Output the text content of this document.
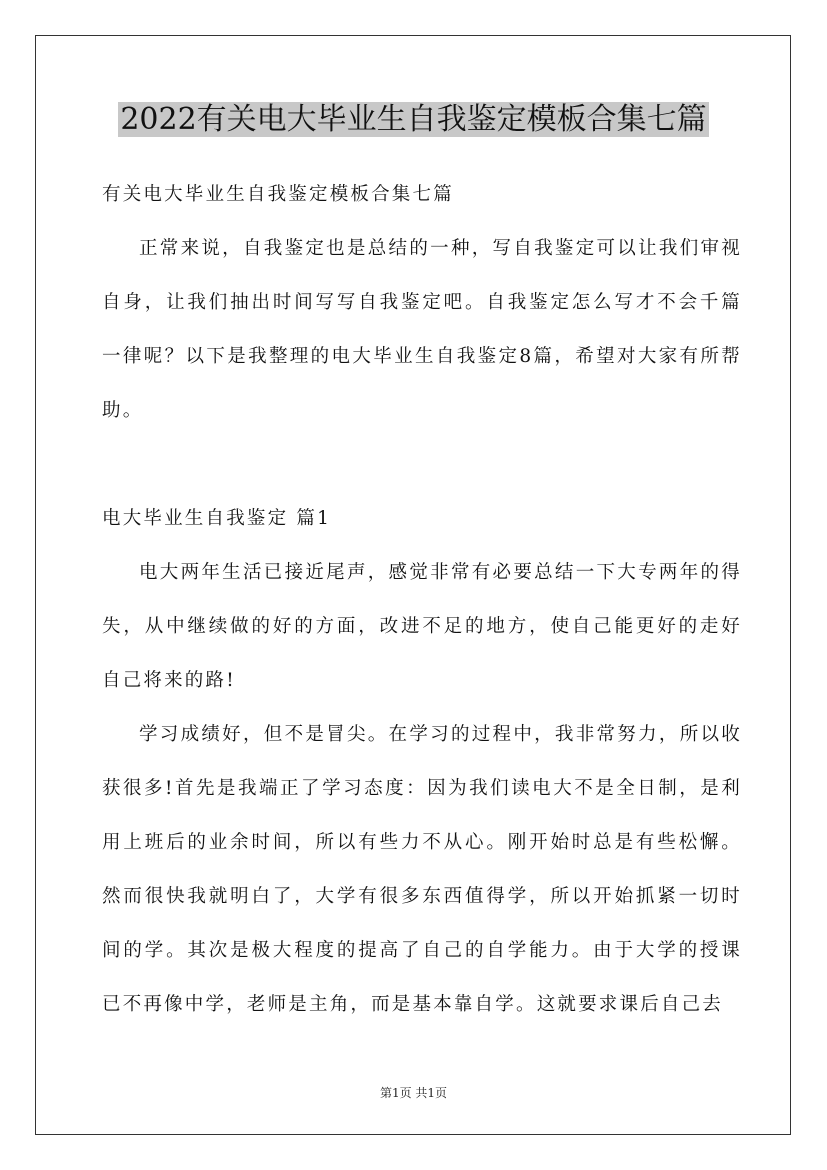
2022有关电大毕业生自我鉴定模板合集七篇

有关电大毕业生自我鉴定模板合集七篇

正常来说，自我鉴定也是总结的一种，写自我鉴定可以让我们审视自身，让我们抽出时间写写自我鉴定吧。自我鉴定怎么写才不会千篇一律呢？以下是我整理的电大毕业生自我鉴定8篇，希望对大家有所帮助。

电大毕业生自我鉴定 篇1

电大两年生活已接近尾声，感觉非常有必要总结一下大专两年的得失，从中继续做的好的方面，改进不足的地方，使自己能更好的走好自己将来的路!

学习成绩好，但不是冒尖。在学习的过程中，我非常努力，所以收获很多!首先是我端正了学习态度：因为我们读电大不是全日制，是利用上班后的业余时间，所以有些力不从心。刚开始时总是有些松懈。然而很快我就明白了，大学有很多东西值得学，所以开始抓紧一切时间的学。其次是极大程度的提高了自己的自学能力。由于大学的授课已不再像中学，老师是主角，而是基本靠自学。这就要求课后自己去

第1页 共1页
